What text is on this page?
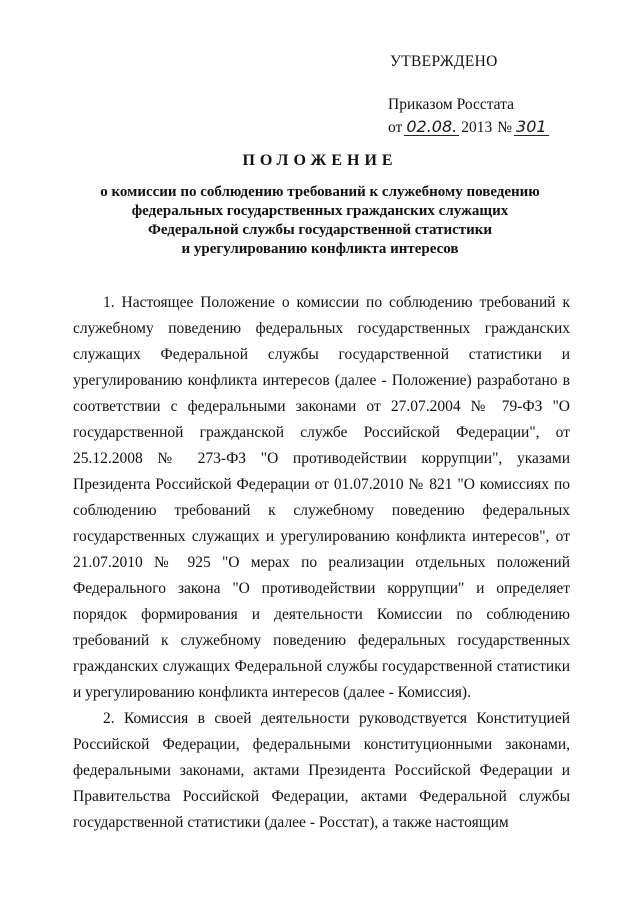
УТВЕРЖДЕНО
Приказом Росстата
от 02.08. 2013 № 301
ПОЛОЖЕНИЕ
о комиссии по соблюдению требований к служебному поведению
федеральных государственных гражданских служащих
Федеральной службы государственной статистики
и урегулированию конфликта интересов

1. Настоящее Положение о комиссии по соблюдению требований к служебному поведению федеральных государственных гражданских служащих Федеральной службы государственной статистики и урегулированию конфликта интересов (далее - Положение) разработано в соответствии с федеральными законами от 27.07.2004 № 79-ФЗ "О государственной гражданской службе Российской Федерации", от 25.12.2008 № 273-ФЗ "О противодействии коррупции", указами Президента Российской Федерации от 01.07.2010 № 821 "О комиссиях по соблюдению требований к служебному поведению федеральных государственных служащих и урегулированию конфликта интересов", от 21.07.2010 № 925 "О мерах по реализации отдельных положений Федерального закона "О противодействии коррупции" и определяет порядок формирования и деятельности Комиссии по соблюдению требований к служебному поведению федеральных государственных гражданских служащих Федеральной службы государственной статистики и урегулированию конфликта интересов (далее - Комиссия).

2. Комиссия в своей деятельности руководствуется Конституцией Российской Федерации, федеральными конституционными законами, федеральными законами, актами Президента Российской Федерации и Правительства Российской Федерации, актами Федеральной службы государственной статистики (далее - Росстат), а также настоящим
